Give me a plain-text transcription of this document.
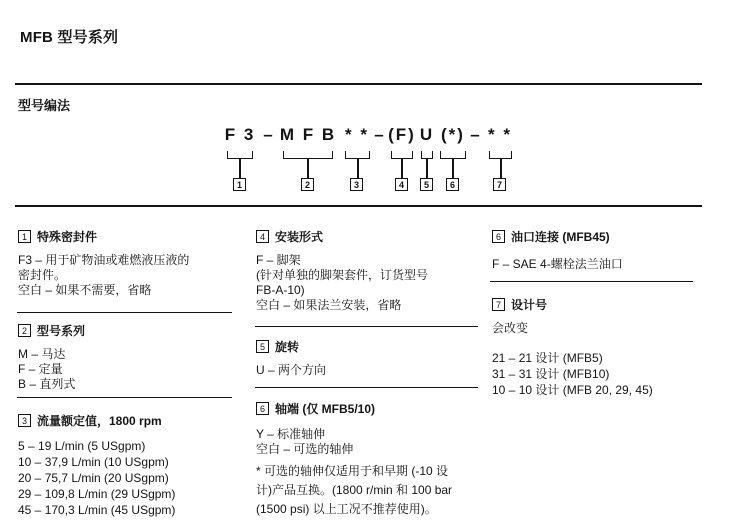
MFB 型号系列
型号编法
F 3 – M F B * * – (F) U (*) – * *
1	2	3	4	5	6	7
1 特殊密封件
F3 – 用于矿物油或难燃液压液的
密封件。
空白 – 如果不需要，省略
2 型号系列
M – 马达
F – 定量
B – 直列式
3 流量额定值，1800 rpm
5 – 19 L/min (5 USgpm)
10 – 37,9 L/min (10 USgpm)
20 – 75,7 L/min (20 USgpm)
29 – 109,8 L/min (29 USgpm)
45 – 170,3 L/min (45 USgpm)
4 安装形式
F – 脚架
(针对单独的脚架套件，订货型号
FB-A-10)
空白 – 如果法兰安装，省略
5 旋转
U – 两个方向
6 轴端 (仅 MFB5/10)
Y – 标准轴伸
空白 – 可选的轴伸
* 可选的轴伸仅适用于和早期 (-10 设
计)产品互换。(1800 r/min 和 100 bar
(1500 psi) 以上工况不推荐使用)。
6 油口连接 (MFB45)
F – SAE 4-螺栓法兰油口
7 设计号
会改变
21 – 21 设计 (MFB5)
31 – 31 设计 (MFB10)
10 – 10 设计 (MFB 20, 29, 45)
